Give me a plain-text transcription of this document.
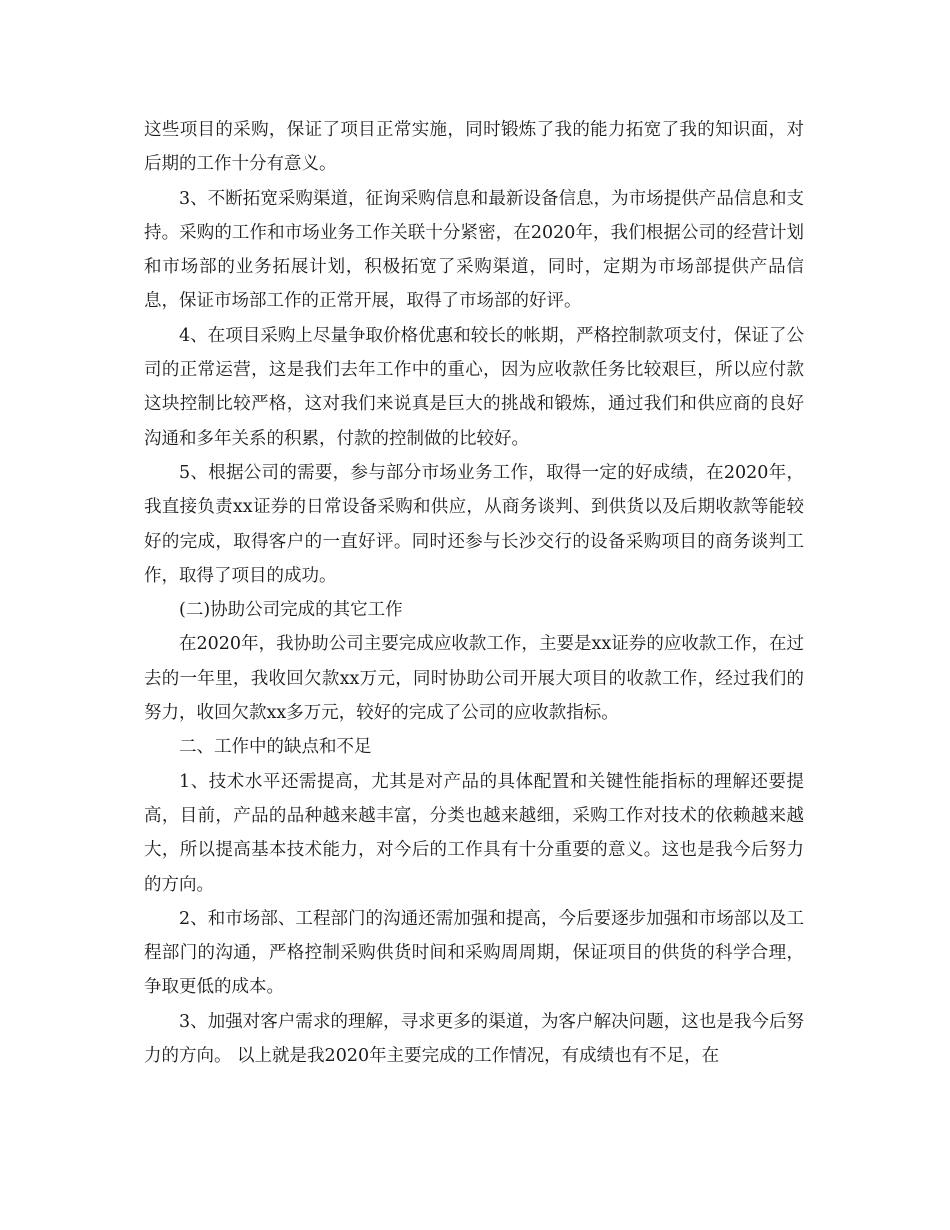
这些项目的采购，保证了项目正常实施，同时锻炼了我的能力拓宽了我的知识面，对后期的工作十分有意义。

3、不断拓宽采购渠道，征询采购信息和最新设备信息，为市场提供产品信息和支持。采购的工作和市场业务工作关联十分紧密，在2020年，我们根据公司的经营计划和市场部的业务拓展计划，积极拓宽了采购渠道，同时，定期为市场部提供产品信息，保证市场部工作的正常开展，取得了市场部的好评。

4、在项目采购上尽量争取价格优惠和较长的帐期，严格控制款项支付，保证了公司的正常运营，这是我们去年工作中的重心，因为应收款任务比较艰巨，所以应付款这块控制比较严格，这对我们来说真是巨大的挑战和锻炼，通过我们和供应商的良好沟通和多年关系的积累，付款的控制做的比较好。

5、根据公司的需要，参与部分市场业务工作，取得一定的好成绩，在2020年，我直接负责xx证券的日常设备采购和供应，从商务谈判、到供货以及后期收款等能较好的完成，取得客户的一直好评。同时还参与长沙交行的设备采购项目的商务谈判工作，取得了项目的成功。

(二)协助公司完成的其它工作

在2020年，我协助公司主要完成应收款工作，主要是xx证券的应收款工作，在过去的一年里，我收回欠款xx万元，同时协助公司开展大项目的收款工作，经过我们的努力，收回欠款xx多万元，较好的完成了公司的应收款指标。

二、工作中的缺点和不足

1、技术水平还需提高，尤其是对产品的具体配置和关键性能指标的理解还要提高，目前，产品的品种越来越丰富，分类也越来越细，采购工作对技术的依赖越来越大，所以提高基本技术能力，对今后的工作具有十分重要的意义。这也是我今后努力的方向。

2、和市场部、工程部门的沟通还需加强和提高，今后要逐步加强和市场部以及工程部门的沟通，严格控制采购供货时间和采购周周期，保证项目的供货的科学合理，争取更低的成本。

3、加强对客户需求的理解，寻求更多的渠道，为客户解决问题，这也是我今后努力的方向。 以上就是我2020年主要完成的工作情况，有成绩也有不足，在
